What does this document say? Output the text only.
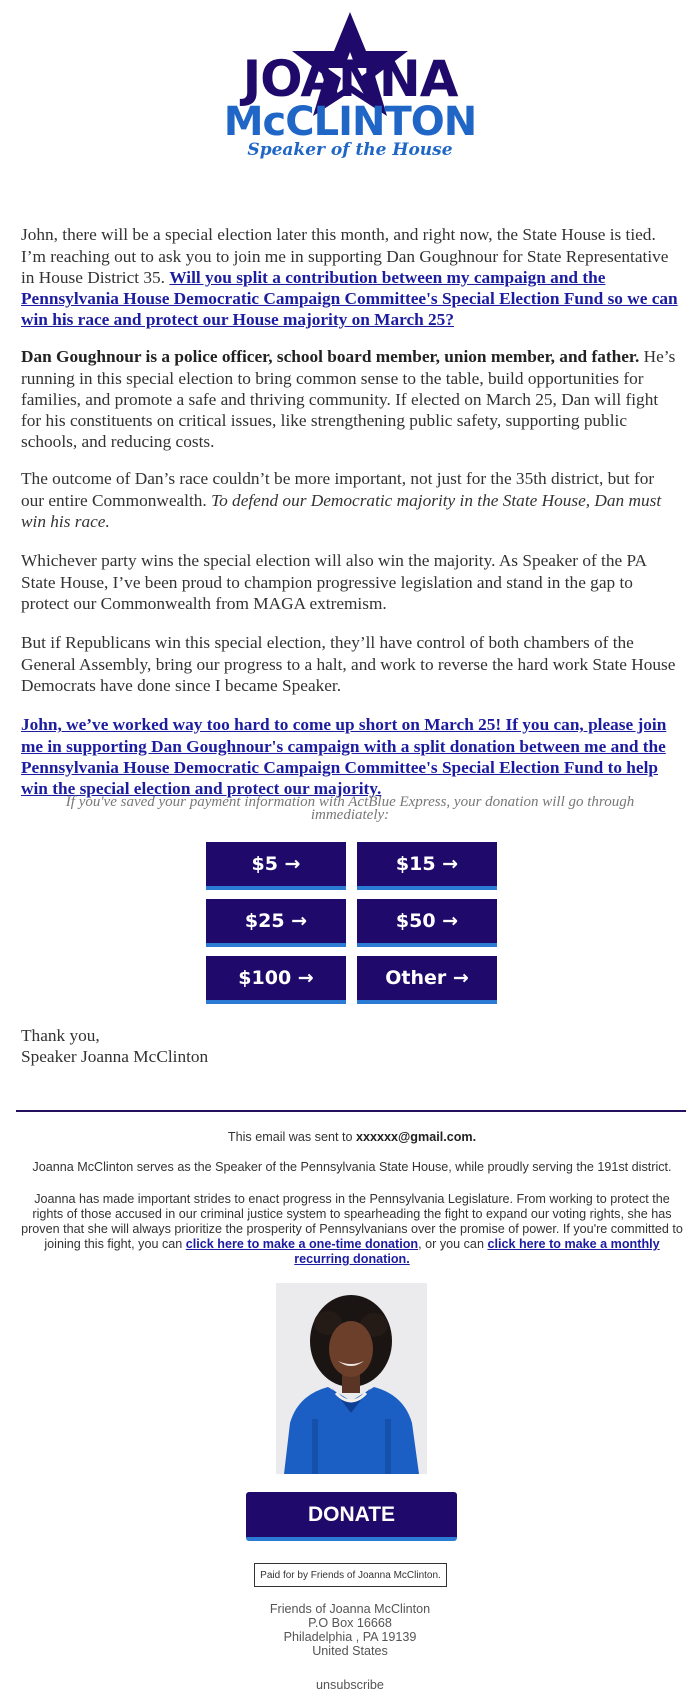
JOANNA
McCLINTON
Speaker of the House

John, there will be a special election later this month, and right now, the State House is tied. I’m reaching out to ask you to join me in supporting Dan Goughnour for State Representative in House District 35. Will you split a contribution between my campaign and the Pennsylvania House Democratic Campaign Committee's Special Election Fund so we can win his race and protect our House majority on March 25?

Dan Goughnour is a police officer, school board member, union member, and father. He’s running in this special election to bring common sense to the table, build opportunities for families, and promote a safe and thriving community. If elected on March 25, Dan will fight for his constituents on critical issues, like strengthening public safety, supporting public schools, and reducing costs.

The outcome of Dan’s race couldn’t be more important, not just for the 35th district, but for our entire Commonwealth. To defend our Democratic majority in the State House, Dan must win his race.

Whichever party wins the special election will also win the majority. As Speaker of the PA State House, I’ve been proud to champion progressive legislation and stand in the gap to protect our Commonwealth from MAGA extremism.

But if Republicans win this special election, they’ll have control of both chambers of the General Assembly, bring our progress to a halt, and work to reverse the hard work State House Democrats have done since I became Speaker.

John, we’ve worked way too hard to come up short on March 25! If you can, please join me in supporting Dan Goughnour's campaign with a split donation between me and the Pennsylvania House Democratic Campaign Committee's Special Election Fund to help win the special election and protect our majority.

If you've saved your payment information with ActBlue Express, your donation will go through immediately:
$5 →	$15 →
$25 →	$50 →
$100 →	Other →
Thank you,
Speaker Joanna McClinton
This email was sent to xxxxxx@gmail.com.
Joanna McClinton serves as the Speaker of the Pennsylvania State House, while proudly serving the 191st district.
Joanna has made important strides to enact progress in the Pennsylvania Legislature. From working to protect the rights of those accused in our criminal justice system to spearheading the fight to expand our voting rights, she has proven that she will always prioritize the prosperity of Pennsylvanians over the promise of power. If you're committed to joining this fight, you can click here to make a one-time donation, or you can click here to make a monthly recurring donation.
DONATE
Paid for by Friends of Joanna McClinton.
Friends of Joanna McClinton
P.O Box 16668
Philadelphia , PA 19139
United States
unsubscribe
